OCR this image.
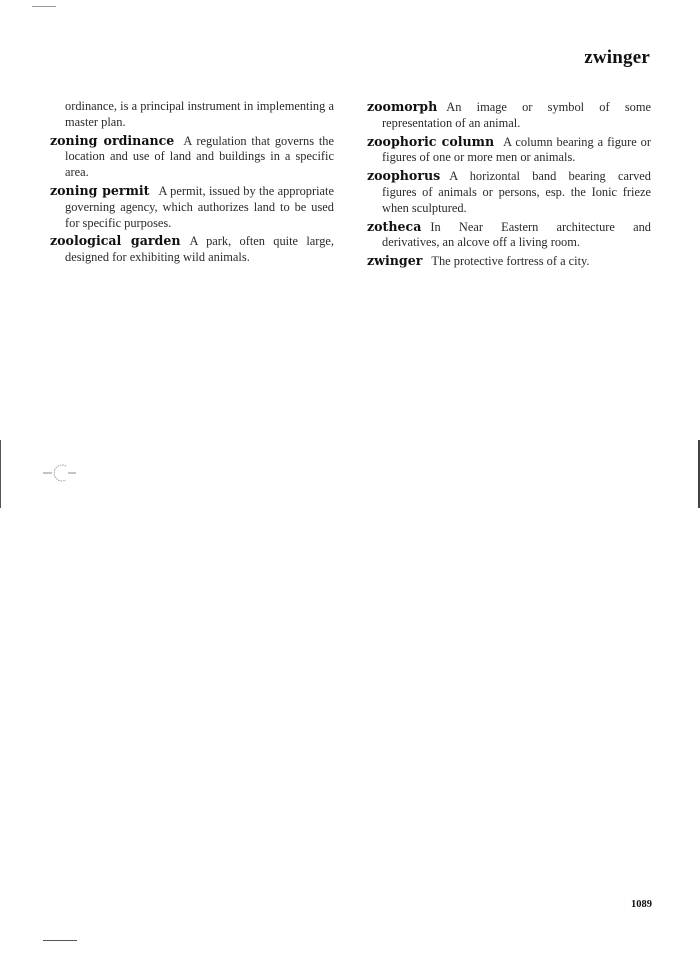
zwinger

ordinance, is a principal instrument in implementing a master plan.

zoning ordinance A regulation that governs the location and use of land and buildings in a specific area.

zoning permit A permit, issued by the appropriate governing agency, which authorizes land to be used for specific purposes.

zoological garden A park, often quite large, designed for exhibiting wild animals.

zoomorph An image or symbol of some representation of an animal.

zoophoric column A column bearing a figure or figures of one or more men or animals.

zoophorus A horizontal band bearing carved figures of animals or persons, esp. the Ionic frieze when sculptured.

zotheca In Near Eastern architecture and derivatives, an alcove off a living room.

zwinger The protective fortress of a city.

1089
